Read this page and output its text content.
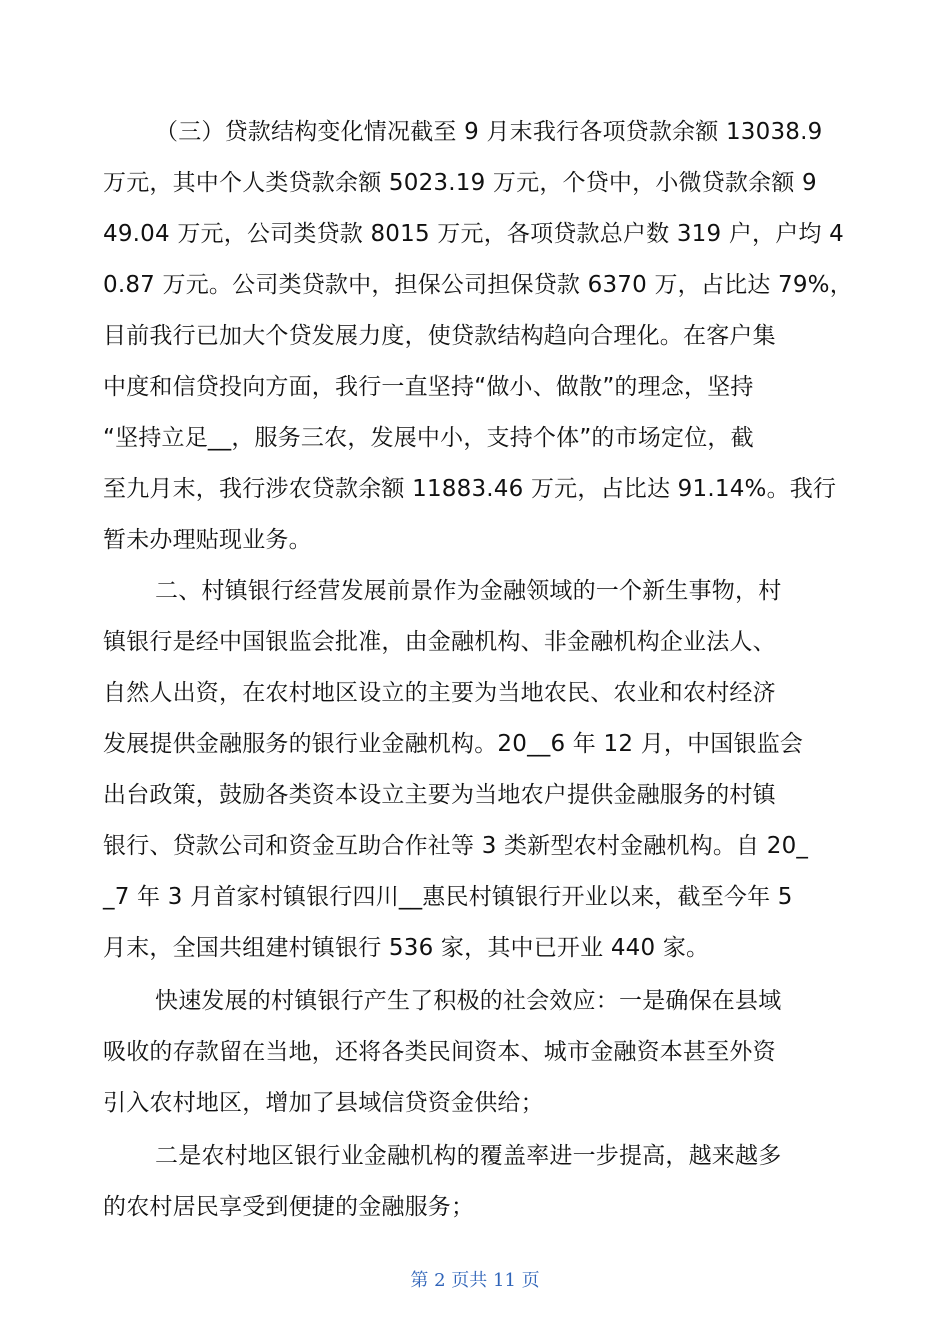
（三）贷款结构变化情况截至 9 月末我行各项贷款余额 13038.9
万元，其中个人类贷款余额 5023.19 万元，个贷中，小微贷款余额 9
49.04 万元，公司类贷款 8015 万元，各项贷款总户数 319 户，户均 4
0.87 万元。公司类贷款中，担保公司担保贷款 6370 万，占比达 79%，
目前我行已加大个贷发展力度，使贷款结构趋向合理化。在客户集
中度和信贷投向方面，我行一直坚持“做小、做散”的理念，坚持
“坚持立足__，服务三农，发展中小，支持个体”的市场定位，截
至九月末，我行涉农贷款余额 11883.46 万元，占比达 91.14%。我行
暂未办理贴现业务。
二、村镇银行经营发展前景作为金融领域的一个新生事物，村
镇银行是经中国银监会批准，由金融机构、非金融机构企业法人、
自然人出资，在农村地区设立的主要为当地农民、农业和农村经济
发展提供金融服务的银行业金融机构。20__6 年 12 月，中国银监会
出台政策，鼓励各类资本设立主要为当地农户提供金融服务的村镇
银行、贷款公司和资金互助合作社等 3 类新型农村金融机构。自 20_
_7 年 3 月首家村镇银行四川__惠民村镇银行开业以来，截至今年 5
月末，全国共组建村镇银行 536 家，其中已开业 440 家。
快速发展的村镇银行产生了积极的社会效应：一是确保在县域
吸收的存款留在当地，还将各类民间资本、城市金融资本甚至外资
引入农村地区，增加了县域信贷资金供给；
二是农村地区银行业金融机构的覆盖率进一步提高，越来越多
的农村居民享受到便捷的金融服务；
第 2 页共 11 页
